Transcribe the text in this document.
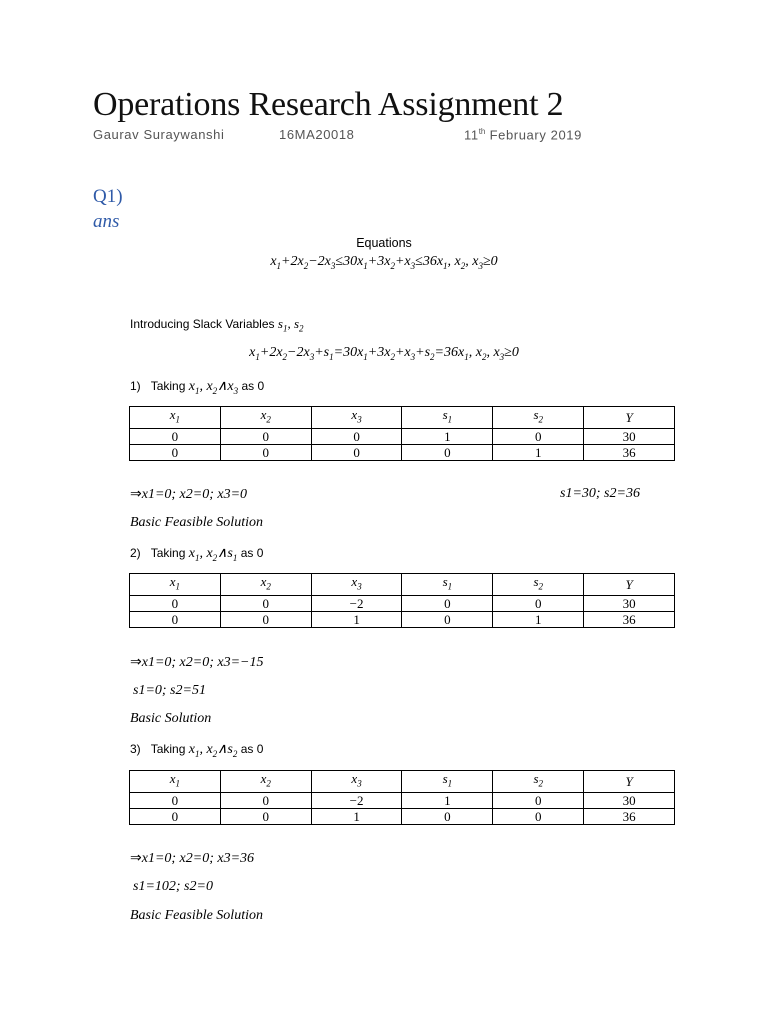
Operations Research Assignment 2
Gaurav Suraywanshi	16MA20018	11th February 2019
Q1)
ans
Equations
$x_1+2x_2-2x_3\le 30x_1+3x_2+x_3\le 36x_1$, $x_2$, $x_3\ge 0$
Introducing Slack Variables $s_1$, $s_2$
$x_1+2x_2-2x_3+s_1=30x_1+3x_2+x_3+s_2=36x_1$, $x_2$, $x_3\ge 0$
1) Taking $x_1$, $x_2\wedge x_3$ as 0
$x_1$	$x_2$	$x_3$	$s_1$	$s_2$	Y
0	0	0	1	0	30
0	0	0	0	1	36
⇒x1=0; x2=0; x3=0	s1=30; s2=36
Basic Feasible Solution
2) Taking $x_1$, $x_2\wedge s_1$ as 0
$x_1$	$x_2$	$x_3$	$s_1$	$s_2$	Y
0	0	−2	0	0	30
0	0	1	0	1	36
⇒x1=0; x2=0; x3=−15
s1=0; s2=51
Basic Solution
3) Taking $x_1$, $x_2\wedge s_2$ as 0
$x_1$	$x_2$	$x_3$	$s_1$	$s_2$	Y
0	0	−2	1	0	30
0	0	1	0	0	36
⇒x1=0; x2=0; x3=36
s1=102; s2=0
Basic Feasible Solution
